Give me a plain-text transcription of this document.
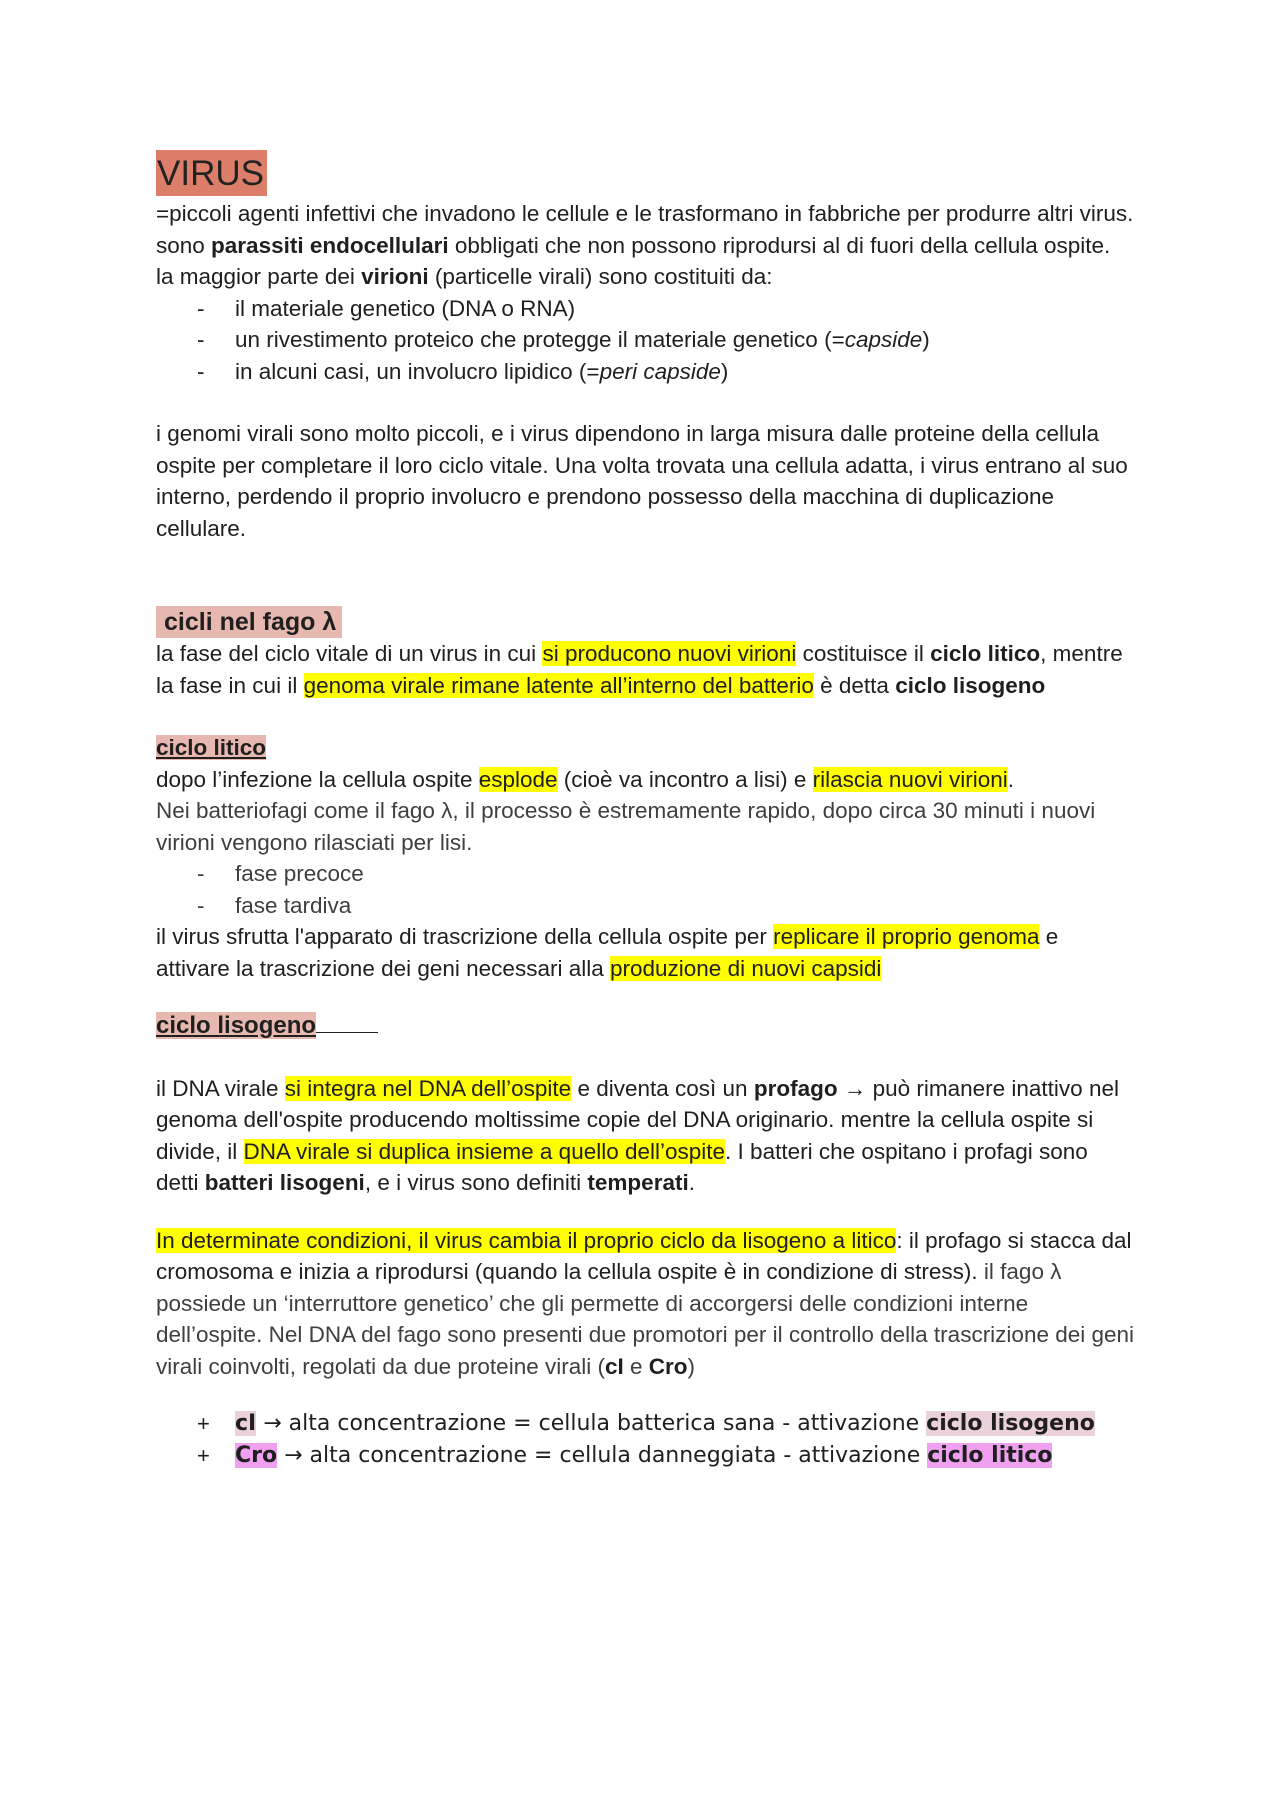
VIRUS

=piccoli agenti infettivi che invadono le cellule e le trasformano in fabbriche per produrre altri virus. sono parassiti endocellulari obbligati che non possono riprodursi al di fuori della cellula ospite.

la maggior parte dei virioni (particelle virali) sono costituiti da:

- il materiale genetico (DNA o RNA)
- un rivestimento proteico che protegge il materiale genetico (=capside)
- in alcuni casi, un involucro lipidico (=peri capside)

i genomi virali sono molto piccoli, e i virus dipendono in larga misura dalle proteine della cellula ospite per completare il loro ciclo vitale. Una volta trovata una cellula adatta, i virus entrano al suo interno, perdendo il proprio involucro e prendono possesso della macchina di duplicazione cellulare.

cicli nel fago λ

la fase del ciclo vitale di un virus in cui si producono nuovi virioni costituisce il ciclo litico, mentre la fase in cui il genoma virale rimane latente all’interno del batterio è detta ciclo lisogeno

ciclo litico

dopo l’infezione la cellula ospite esplode (cioè va incontro a lisi) e rilascia nuovi virioni.

Nei batteriofagi come il fago λ, il processo è estremamente rapido, dopo circa 30 minuti i nuovi virioni vengono rilasciati per lisi.

- fase precoce
- fase tardiva

il virus sfrutta l'apparato di trascrizione della cellula ospite per replicare il proprio genoma e attivare la trascrizione dei geni necessari alla produzione di nuovi capsidi

ciclo lisogeno

il DNA virale si integra nel DNA dell’ospite e diventa così un profago → può rimanere inattivo nel genoma dell'ospite producendo moltissime copie del DNA originario. mentre la cellula ospite si divide, il DNA virale si duplica insieme a quello dell’ospite. I batteri che ospitano i profagi sono detti batteri lisogeni, e i virus sono definiti temperati.

In determinate condizioni, il virus cambia il proprio ciclo da lisogeno a litico: il profago si stacca dal cromosoma e inizia a riprodursi (quando la cellula ospite è in condizione di stress). il fago λ possiede un ‘interruttore genetico’ che gli permette di accorgersi delle condizioni interne dell’ospite. Nel DNA del fago sono presenti due promotori per il controllo della trascrizione dei geni virali coinvolti, regolati da due proteine virali (cI e Cro)

+ cI → alta concentrazione = cellula batterica sana - attivazione ciclo lisogeno
+ Cro → alta concentrazione = cellula danneggiata - attivazione ciclo litico
